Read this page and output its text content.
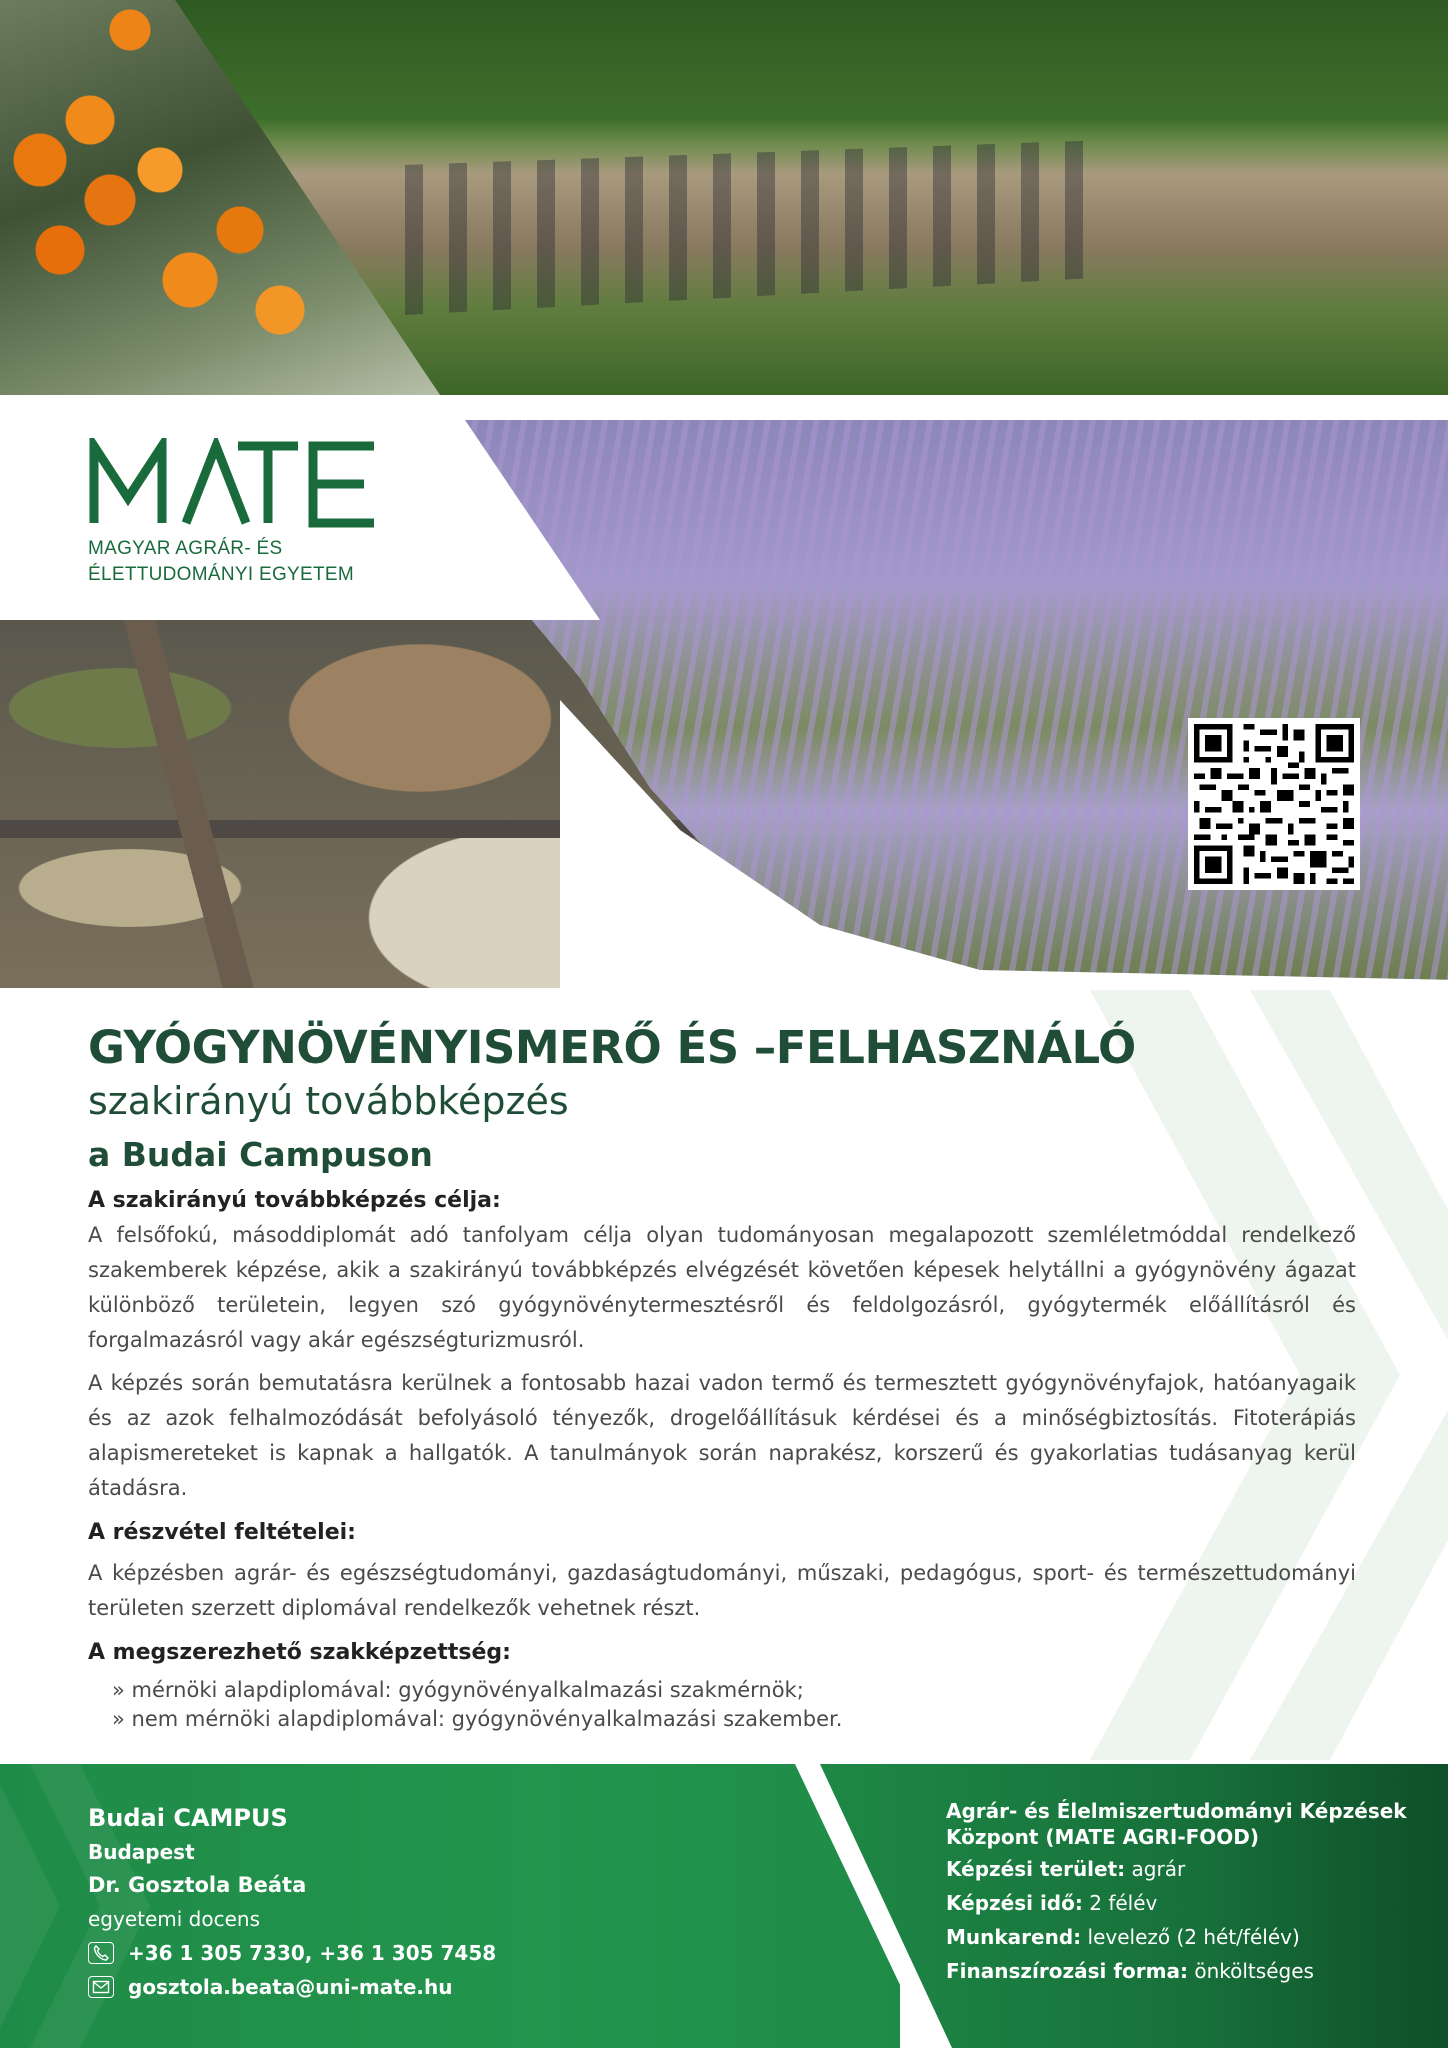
MATE
MAGYAR AGRÁR- ÉS
ÉLETTUDOMÁNYI EGYETEM
GYÓGYNÖVÉNYISMERŐ ÉS –FELHASZNÁLÓ
szakirányú továbbképzés
a Budai Campuson
A szakirányú továbbképzés célja:

A felsőfokú, másoddiplomát adó tanfolyam célja olyan tudományosan megalapozott szemléletmóddal rendelkező szakemberek képzése, akik a szakirányú továbbképzés elvégzését követően képesek helytállni a gyógynövény ágazat különböző területein, legyen szó gyógynövénytermesztésről és feldolgozásról, gyógytermék előállításról és forgalmazásról vagy akár egészségturizmusról.

A képzés során bemutatásra kerülnek a fontosabb hazai vadon termő és termesztett gyógynövényfajok, hatóanyagaik és az azok felhalmozódását befolyásoló tényezők, drogelőállításuk kérdései és a minőségbiztosítás. Fitoterápiás alapismereteket is kapnak a hallgatók. A tanulmányok során naprakész, korszerű és gyakorlatias tudásanyag kerül átadásra.

A részvétel feltételei:

A képzésben agrár- és egészségtudományi, gazdaságtudományi, műszaki, pedagógus, sport- és természettudományi területen szerzett diplomával rendelkezők vehetnek részt.

A megszerezhető szakképzettség:
» mérnöki alapdiplomával: gyógynövényalkalmazási szakmérnök;
» nem mérnöki alapdiplomával: gyógynövényalkalmazási szakember.
Budai CAMPUS
Budapest
Dr. Gosztola Beáta
egyetemi docens
+36 1 305 7330, +36 1 305 7458
gosztola.beata@uni-mate.hu
Agrár- és Élelmiszertudományi Képzések Központ (MATE AGRI-FOOD)
Képzési terület: agrár
Képzési idő: 2 félév
Munkarend: levelező (2 hét/félév)
Finanszírozási forma: önköltséges
